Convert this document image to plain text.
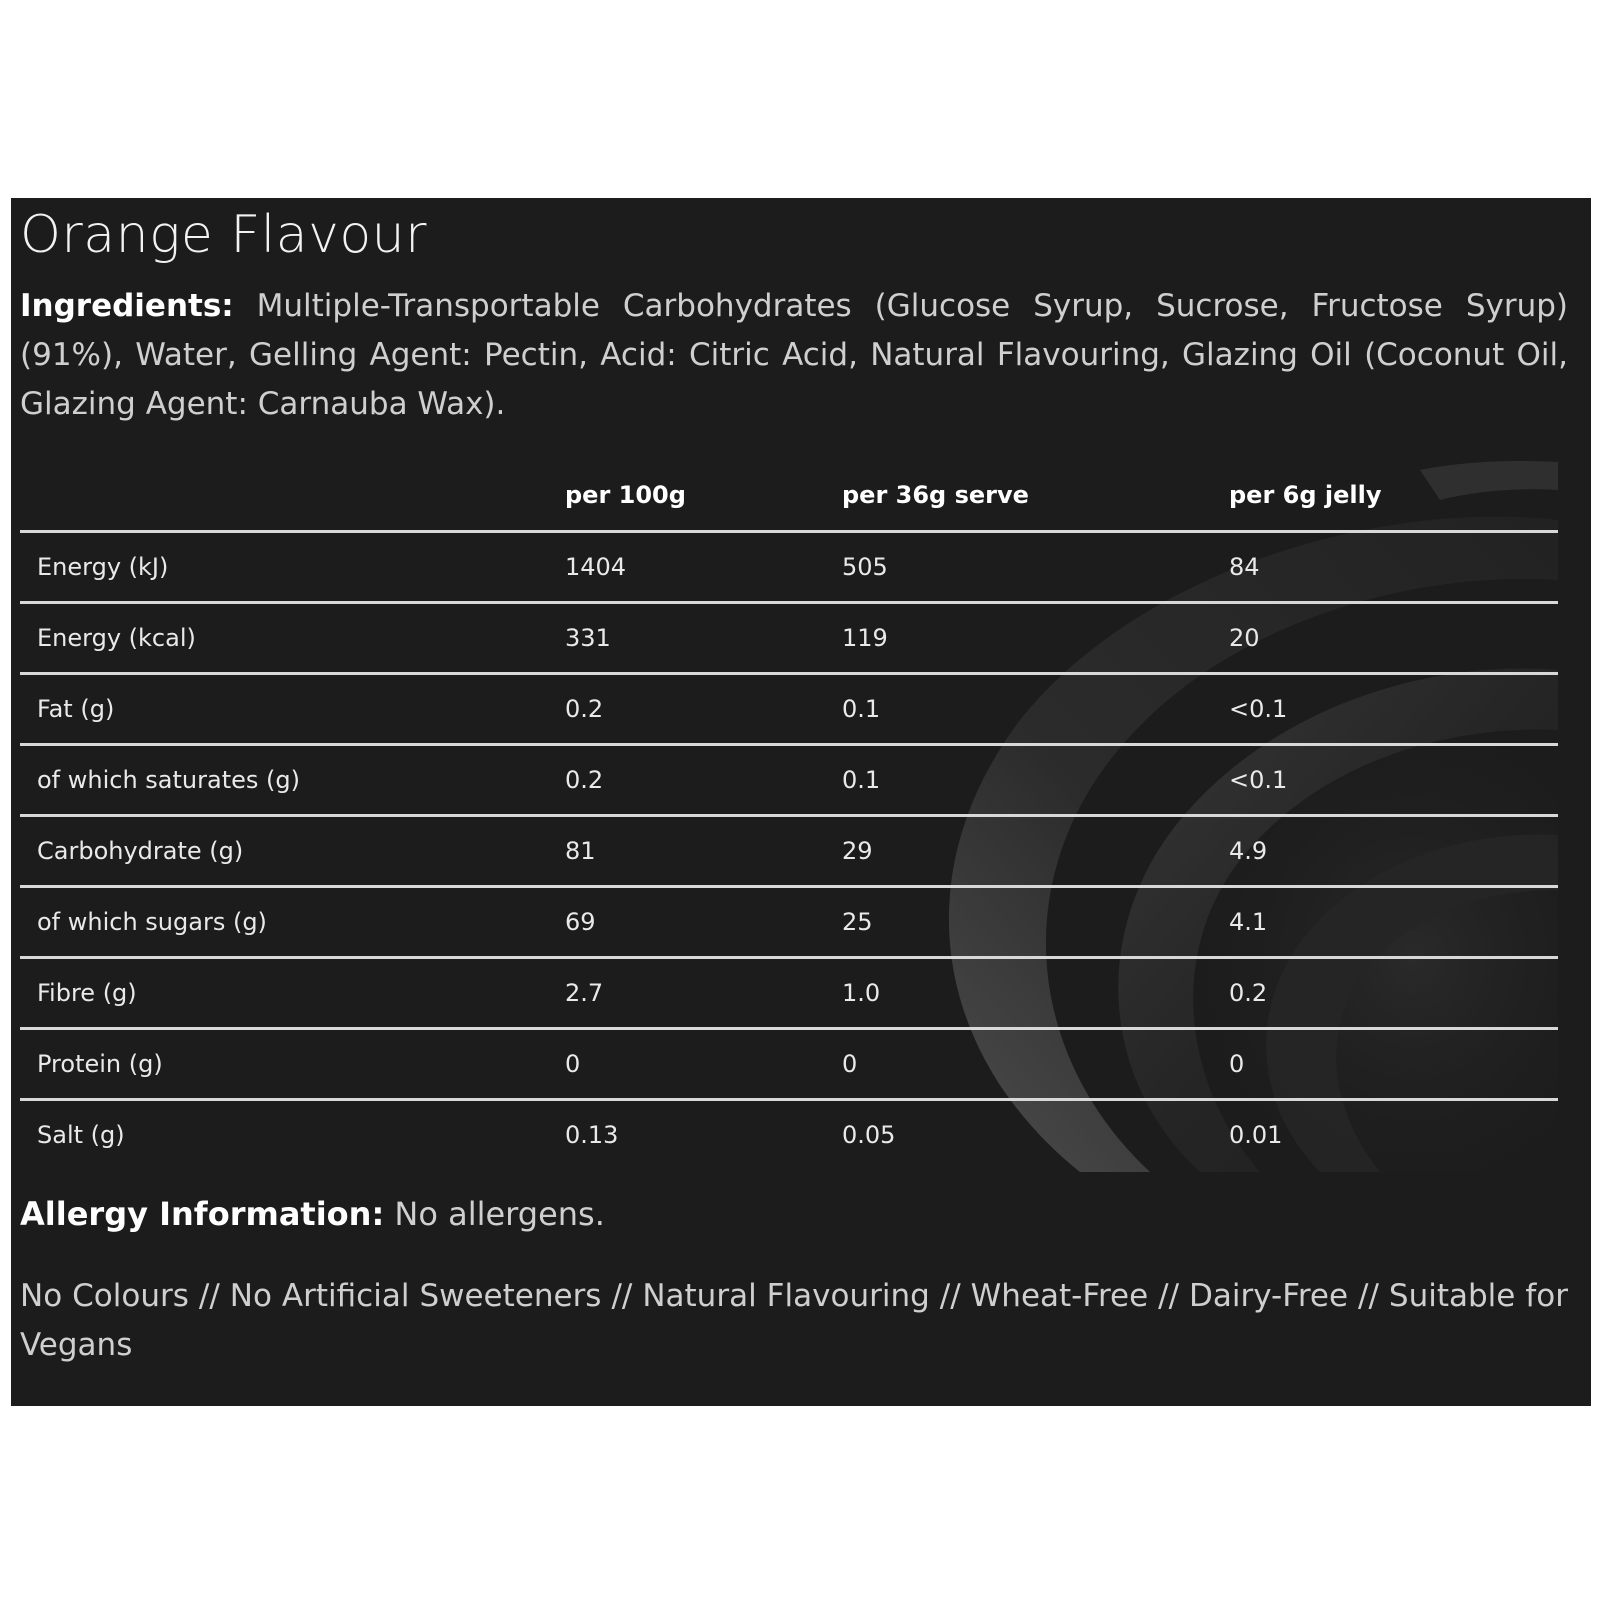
Orange Flavour

Ingredients: Multiple-Transportable Carbohydrates (Glucose Syrup, Sucrose, Fructose Syrup) (91%), Water, Gelling Agent: Pectin, Acid: Citric Acid, Natural Flavouring, Glazing Oil (Coconut Oil, Glazing Agent: Carnauba Wax).

	per 100g	per 36g serve	per 6g jelly
Energy (kJ)	1404	505	84
Energy (kcal)	331	119	20
Fat (g)	0.2	0.1	<0.1
of which saturates (g)	0.2	0.1	<0.1
Carbohydrate (g)	81	29	4.9
of which sugars (g)	69	25	4.1
Fibre (g)	2.7	1.0	0.2
Protein (g)	0	0	0
Salt (g)	0.13	0.05	0.01

Allergy Information: No allergens.

No Colours // No Artificial Sweeteners // Natural Flavouring // Wheat-Free // Dairy-Free // Suitable for Vegans
